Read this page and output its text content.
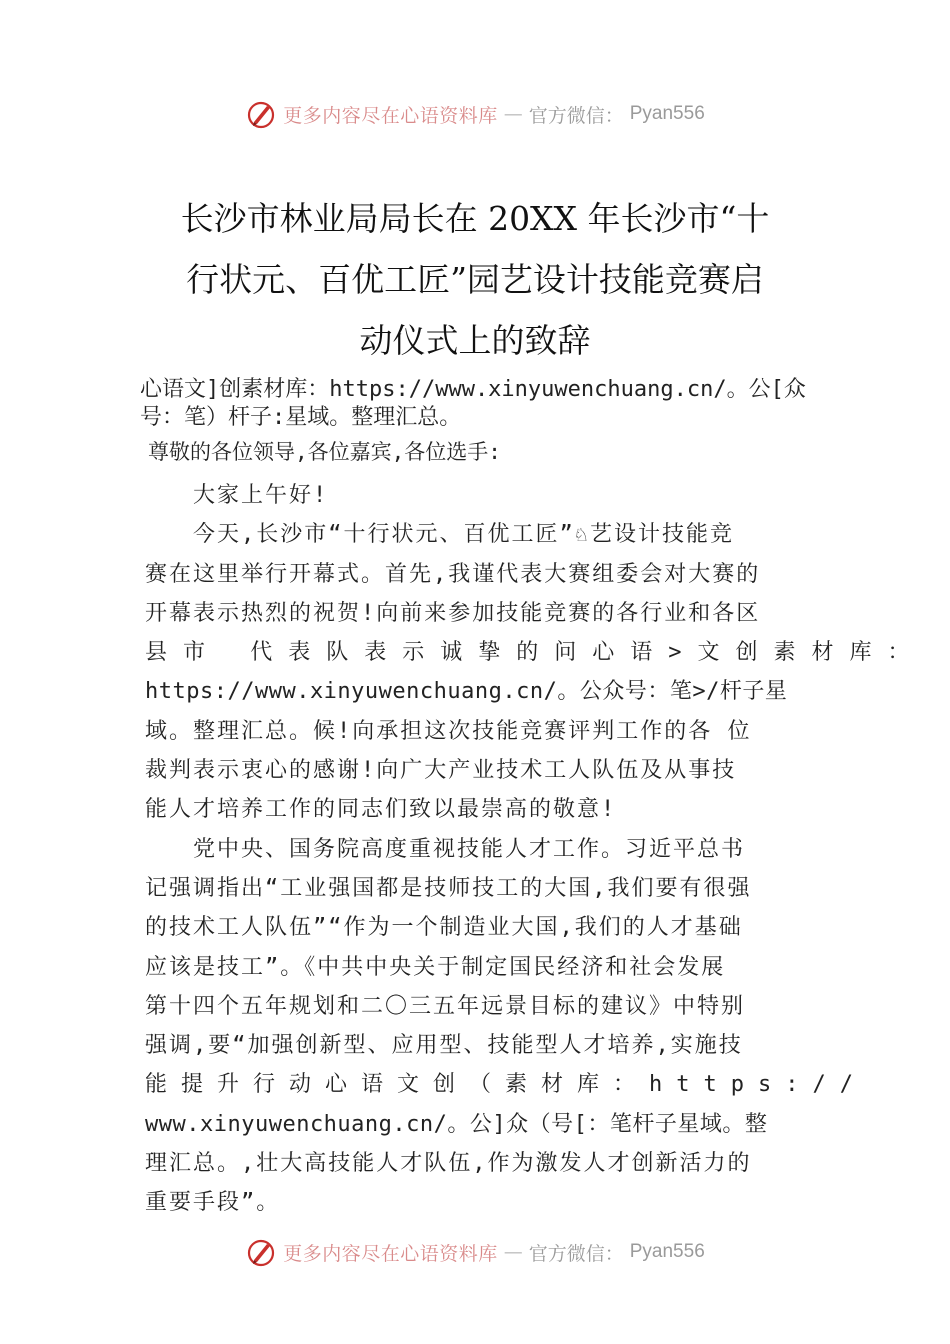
更多内容尽在心语资料库 — 官方微信： Pyan556
长沙市林业局局长在 20XX 年长沙市“十
行状元、百优工匠”园艺设计技能竞赛启
动仪式上的致辞
心语文]创素材库：https://www.xinyuwenchuang.cn/。公[众
号：笔）杆子:星域。整理汇总。
尊敬的各位领导,各位嘉宾,各位选手:
大家上午好!
今天,长沙市“十行状元、百优工匠”♘艺设计技能竞
赛在这里举行开幕式。首先,我谨代表大赛组委会对大赛的
开幕表示热烈的祝贺!向前来参加技能竞赛的各行业和各区
县市 代表队表示诚挚的问心语>文创素材库：
https://www.xinyuwenchuang.cn/。公众号：笔>/杆子星
域。整理汇总。候!向承担这次技能竞赛评判工作的各 位
裁判表示衷心的感谢!向广大产业技术工人队伍及从事技
能人才培养工作的同志们致以最崇高的敬意!
党中央、国务院高度重视技能人才工作。习近平总书
记强调指出“工业强国都是技师技工的大国,我们要有很强
的技术工人队伍”“作为一个制造业大国,我们的人才基础
应该是技工”。《中共中央关于制定国民经济和社会发展
第十四个五年规划和二〇三五年远景目标的建议》中特别
强调,要“加强创新型、应用型、技能型人才培养,实施技
能提升行动心语文创（素材库：https://
www.xinyuwenchuang.cn/。公]众（号[：笔杆子星域。整
理汇总。,壮大高技能人才队伍,作为激发人才创新活力的
重要手段”。
更多内容尽在心语资料库 — 官方微信： Pyan556
